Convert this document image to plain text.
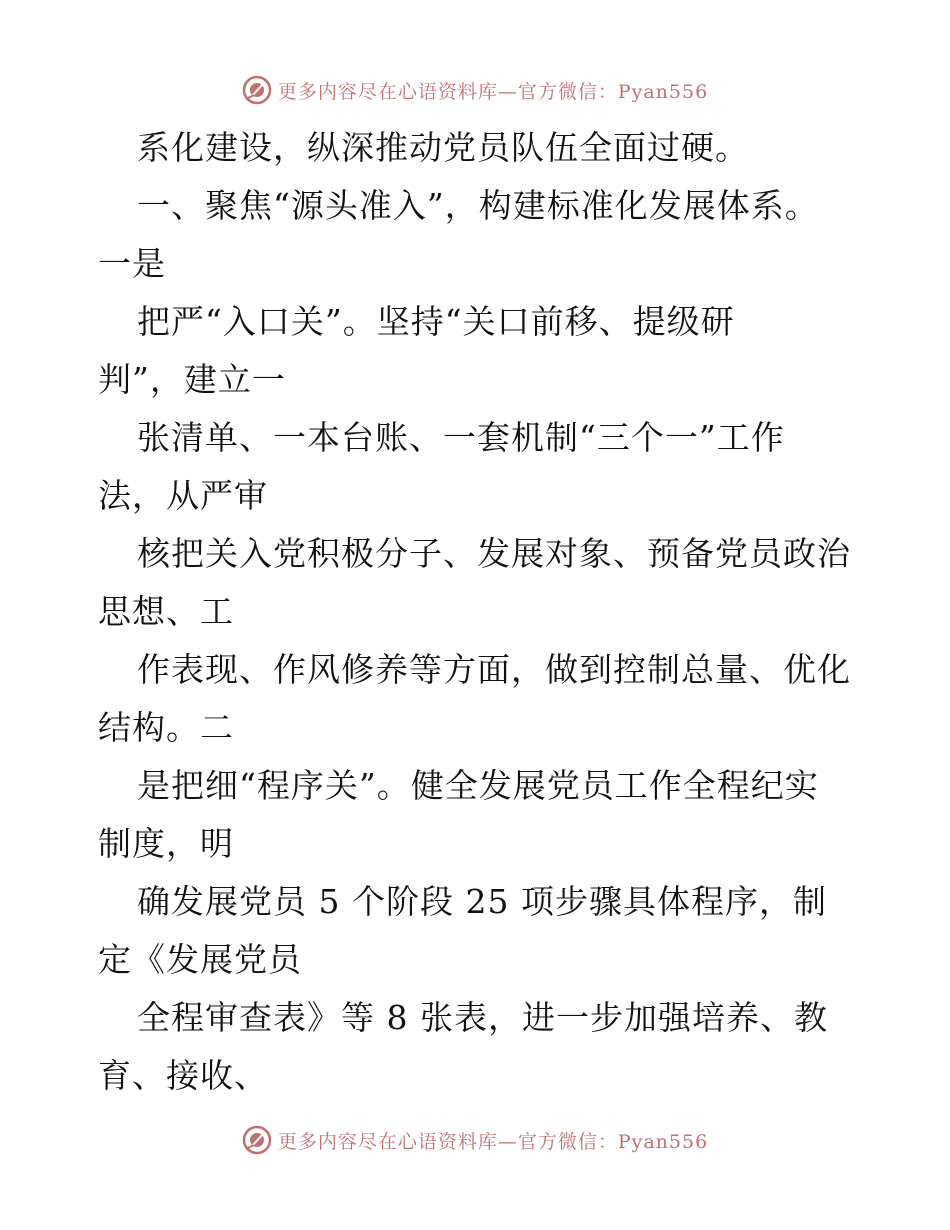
更多内容尽在心语资料库—官方微信：Pyan556
系化建设，纵深推动党员队伍全面过硬。
一、聚焦“源头准入”，构建标准化发展体系。
一是
把严“入口关”。坚持“关口前移、提级研
判”，建立一
张清单、一本台账、一套机制“三个一”工作
法，从严审
核把关入党积极分子、发展对象、预备党员政治
思想、工
作表现、作风修养等方面，做到控制总量、优化
结构。二
是把细“程序关”。健全发展党员工作全程纪实
制度，明
确发展党员 5 个阶段 25 项步骤具体程序，制
定《发展党员
全程审查表》等 8 张表，进一步加强培养、教
育、接收、
更多内容尽在心语资料库—官方微信：Pyan556
